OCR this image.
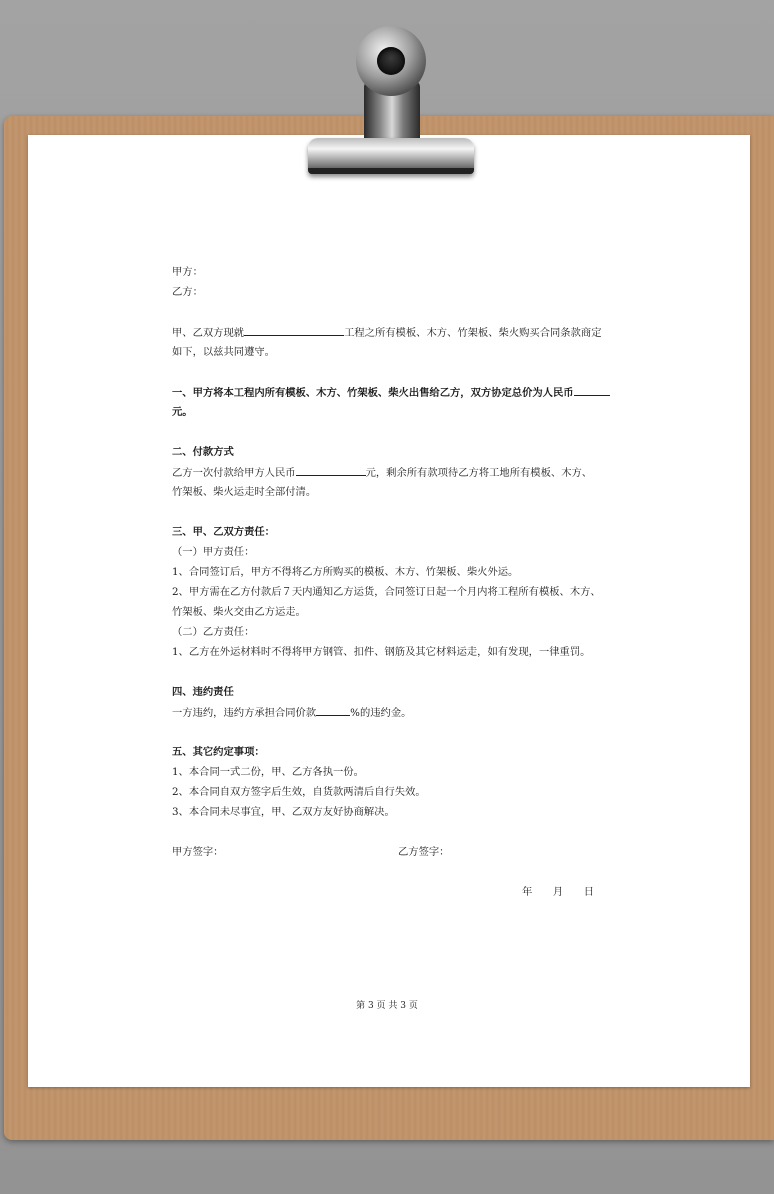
甲方：
乙方：
甲、乙双方现就	工程之所有模板、木方、竹架板、柴火购买合同条款商定
如下，以兹共同遵守。
一、甲方将本工程内所有模板、木方、竹架板、柴火出售给乙方，双方协定总价为人民币
元。
二、付款方式
乙方一次付款给甲方人民币	元，剩余所有款项待乙方将工地所有模板、木方、
竹架板、柴火运走时全部付清。
三、甲、乙双方责任：
（一）甲方责任：
1、合同签订后，甲方不得将乙方所购买的模板、木方、竹架板、柴火外运。
2、甲方需在乙方付款后７天内通知乙方运货，合同签订日起一个月内将工程所有模板、木方、
竹架板、柴火交由乙方运走。
（二）乙方责任：
1、乙方在外运材料时不得将甲方钢管、扣件、钢筋及其它材料运走，如有发现，一律重罚。
四、违约责任
一方违约，违约方承担合同价款	%的违约金。
五、其它约定事项：
1、本合同一式二份，甲、乙方各执一份。
2、本合同自双方签字后生效，自货款两清后自行失效。
3、本合同未尽事宜，甲、乙双方友好协商解决。
甲方签字：	乙方签字：
年　　月　　日
第 3 页 共 3 页
